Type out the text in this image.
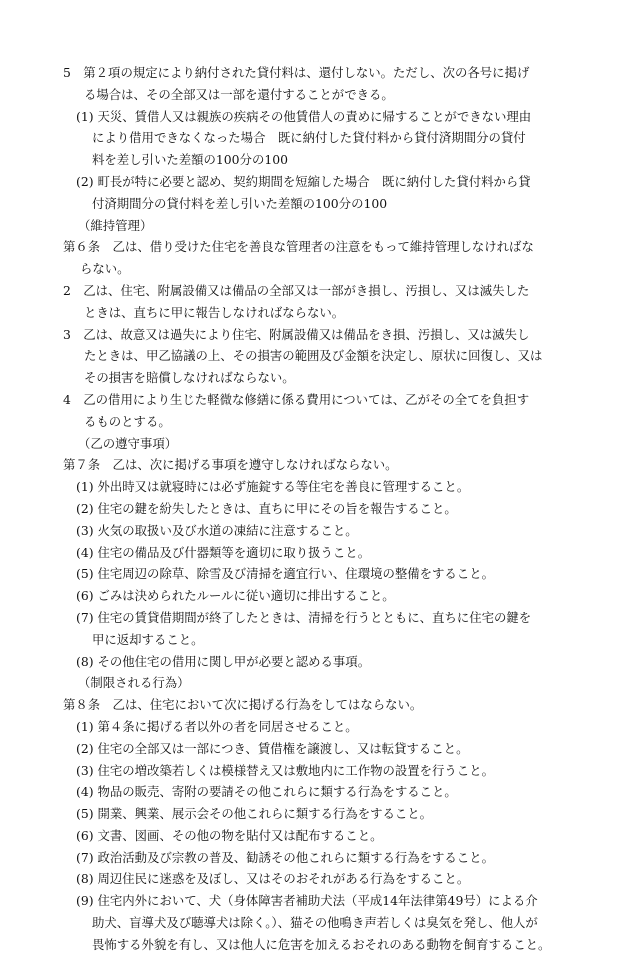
5　第２項の規定により納付された貸付料は、還付しない。ただし、次の各号に掲げ
る場合は、その全部又は一部を還付することができる。
(1) 天災、賃借人又は親族の疾病その他賃借人の責めに帰することができない理由
により借用できなくなった場合　既に納付した貸付料から貸付済期間分の貸付
料を差し引いた差額の100分の100
(2) 町長が特に必要と認め、契約期間を短縮した場合　既に納付した貸付料から貸
付済期間分の貸付料を差し引いた差額の100分の100
（維持管理）
第６条　乙は、借り受けた住宅を善良な管理者の注意をもって維持管理しなければな
らない。
2　乙は、住宅、附属設備又は備品の全部又は一部がき損し、汚損し、又は滅失した
ときは、直ちに甲に報告しなければならない。
3　乙は、故意又は過失により住宅、附属設備又は備品をき損、汚損し、又は滅失し
たときは、甲乙協議の上、その損害の範囲及び金額を決定し、原状に回復し、又は
その損害を賠償しなければならない。
4　乙の借用により生じた軽微な修繕に係る費用については、乙がその全てを負担す
るものとする。
（乙の遵守事項）
第７条　乙は、次に掲げる事項を遵守しなければならない。
(1) 外出時又は就寝時には必ず施錠する等住宅を善良に管理すること。
(2) 住宅の鍵を紛失したときは、直ちに甲にその旨を報告すること。
(3) 火気の取扱い及び水道の凍結に注意すること。
(4) 住宅の備品及び什器類等を適切に取り扱うこと。
(5) 住宅周辺の除草、除雪及び清掃を適宜行い、住環境の整備をすること。
(6) ごみは決められたルールに従い適切に排出すること。
(7) 住宅の賃貸借期間が終了したときは、清掃を行うとともに、直ちに住宅の鍵を
甲に返却すること。
(8) その他住宅の借用に関し甲が必要と認める事項。
（制限される行為）
第８条　乙は、住宅において次に掲げる行為をしてはならない。
(1) 第４条に掲げる者以外の者を同居させること。
(2) 住宅の全部又は一部につき、賃借権を譲渡し、又は転貸すること。
(3) 住宅の増改築若しくは模様替え又は敷地内に工作物の設置を行うこと。
(4) 物品の販売、寄附の要請その他これらに類する行為をすること。
(5) 開業、興業、展示会その他これらに類する行為をすること。
(6) 文書、図画、その他の物を貼付又は配布すること。
(7) 政治活動及び宗教の普及、勧誘その他これらに類する行為をすること。
(8) 周辺住民に迷惑を及ぼし、又はそのおそれがある行為をすること。
(9) 住宅内外において、犬（身体障害者補助犬法（平成14年法律第49号）による介
助犬、盲導犬及び聴導犬は除く。）、猫その他鳴き声若しくは臭気を発し、他人が
畏怖する外貌を有し、又は他人に危害を加えるおそれのある動物を飼育すること。
